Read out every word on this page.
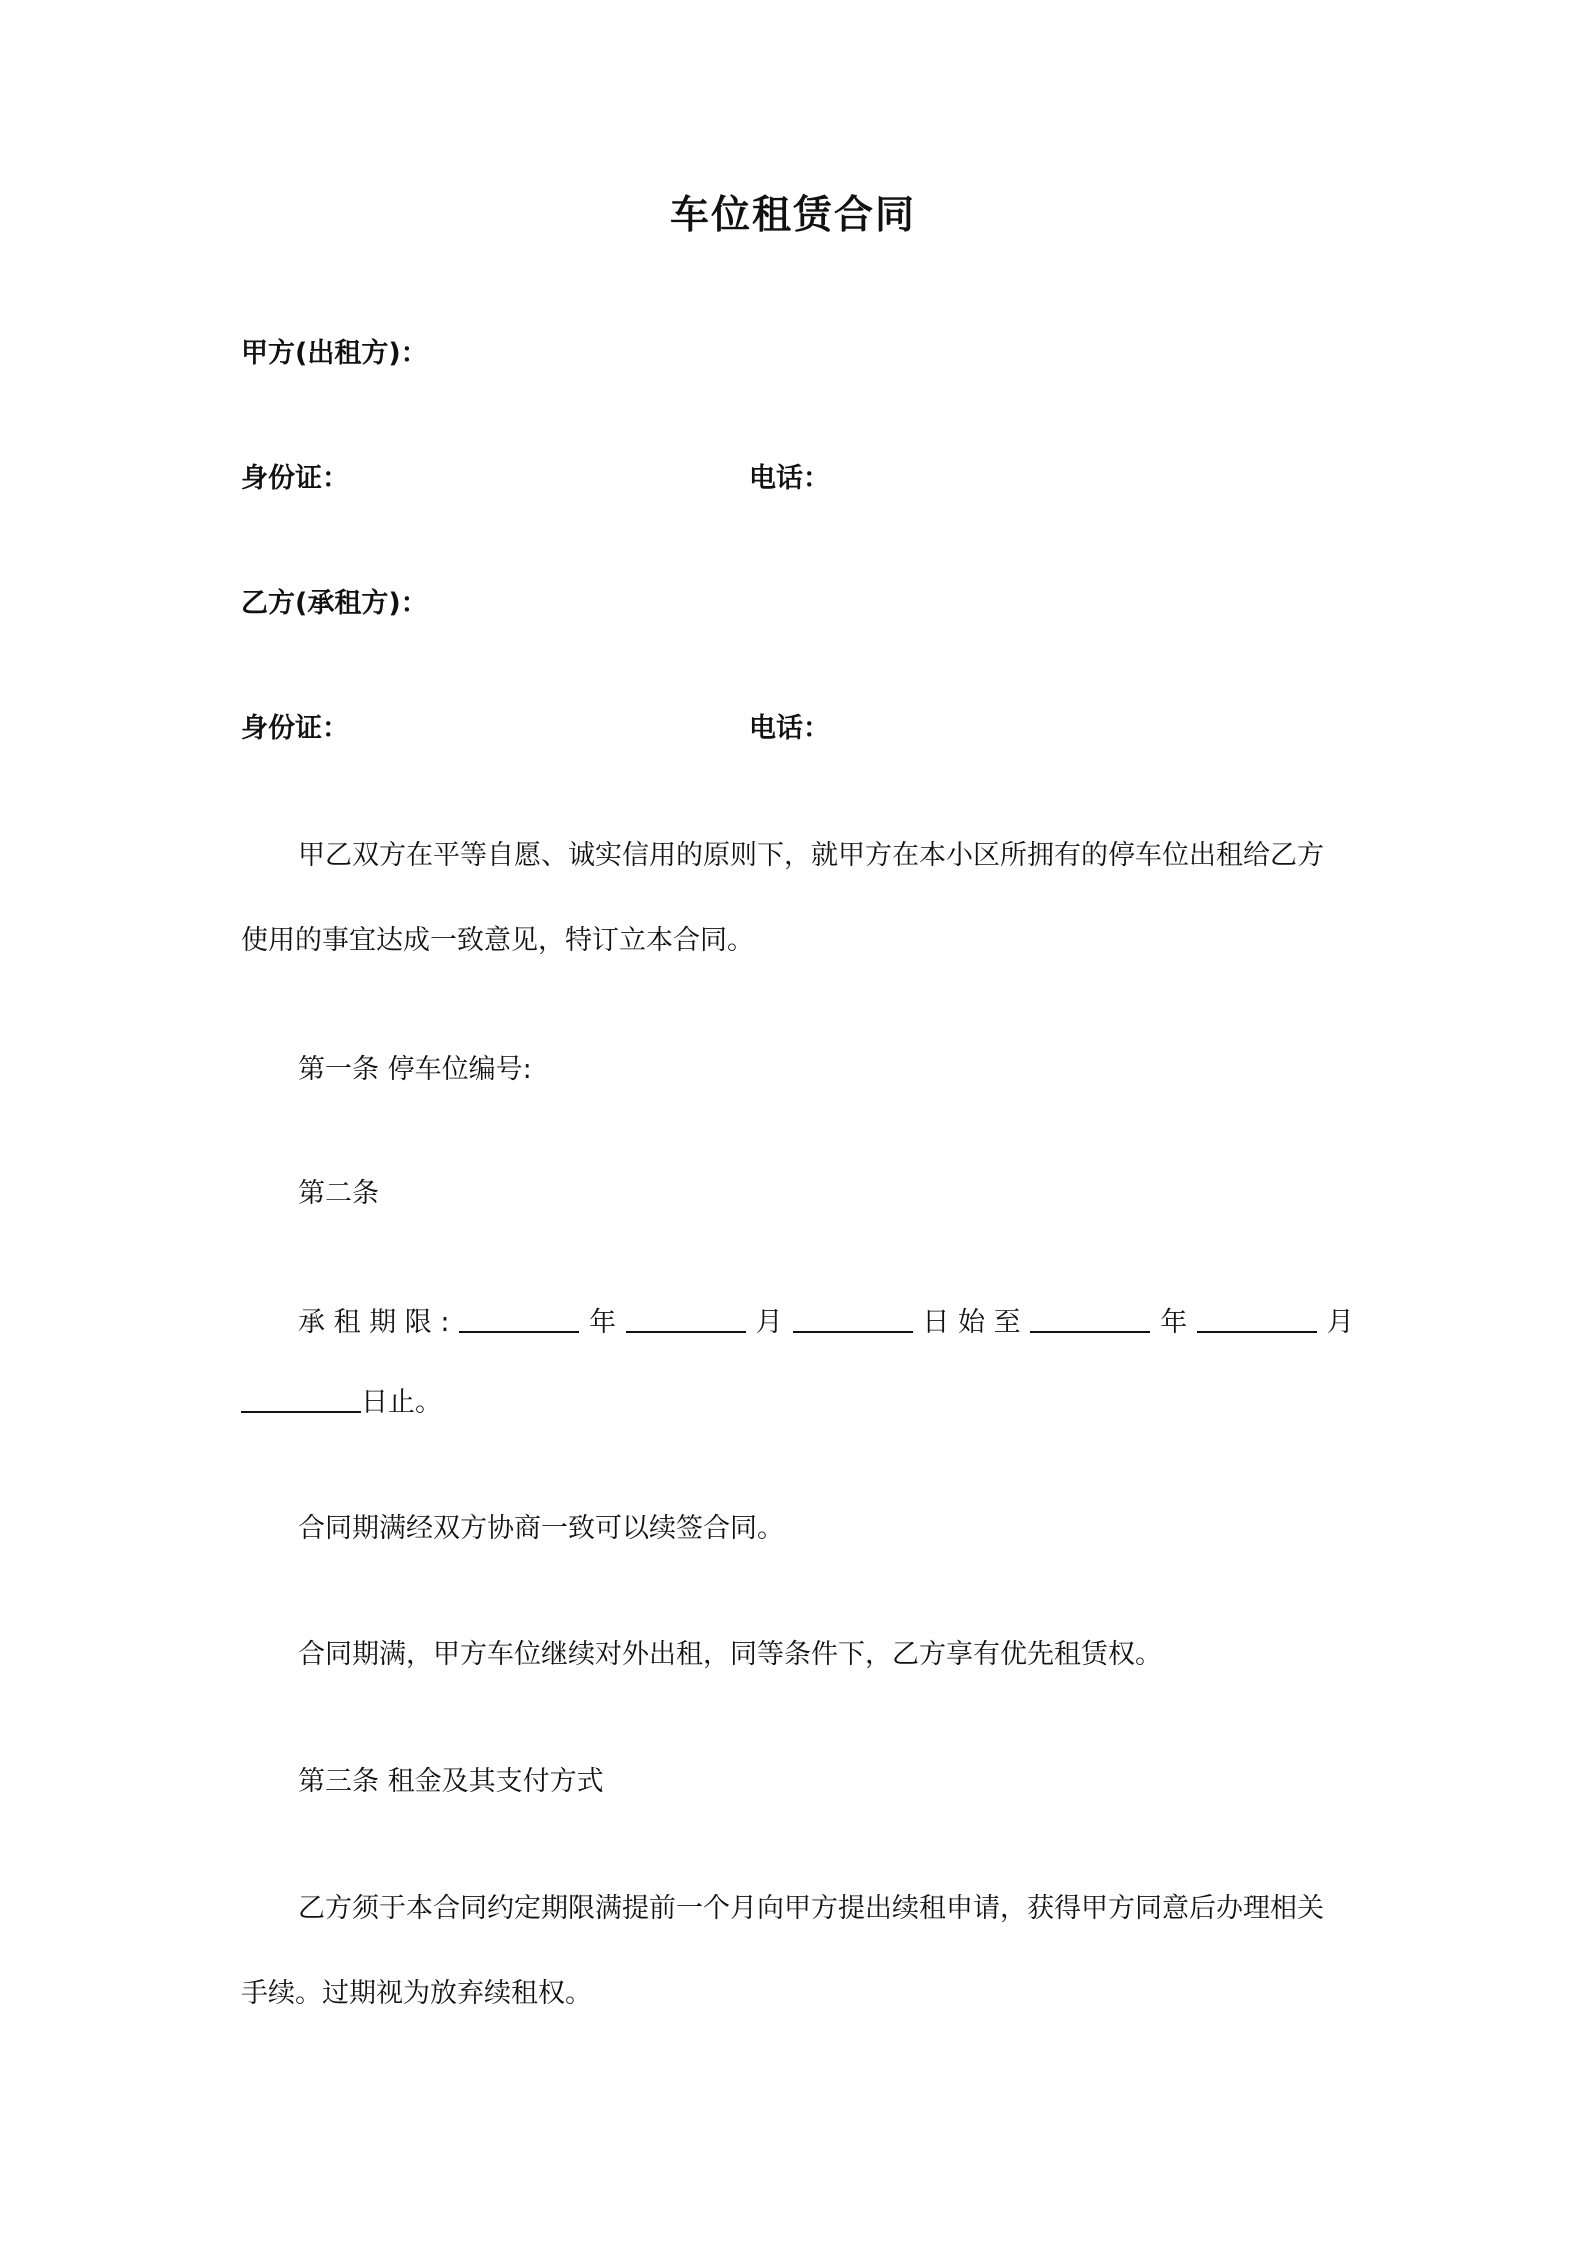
车位租赁合同
甲方(出租方)：
身份证：	电话：
乙方(承租方)：
身份证：	电话：
甲乙双方在平等自愿、诚实信用的原则下，就甲方在本小区所拥有的停车位出租给乙方
使用的事宜达成一致意见，特订立本合同。
第一条 停车位编号:
第二条
承 租 期 限 :	年	月	日 始 至	年	月
日止。
合同期满经双方协商一致可以续签合同。
合同期满，甲方车位继续对外出租，同等条件下，乙方享有优先租赁权。
第三条 租金及其支付方式
乙方须于本合同约定期限满提前一个月向甲方提出续租申请，获得甲方同意后办理相关
手续。过期视为放弃续租权。
